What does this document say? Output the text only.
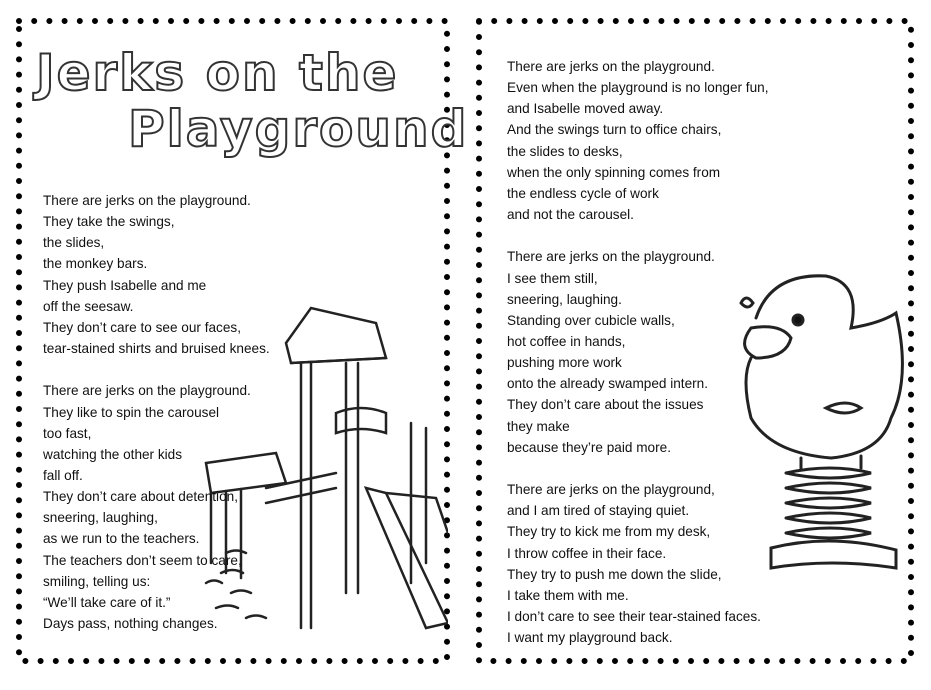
Jerks on the
Playground
There are jerks on the playground.
They take the swings,
the slides,
the monkey bars.
They push Isabelle and me
off the seesaw.
They don’t care to see our faces,
tear-stained shirts and bruised knees.
There are jerks on the playground.
They like to spin the carousel
too fast,
watching the other kids
fall off.
They don’t care about detention,
sneering, laughing,
as we run to the teachers.
The teachers don’t seem to care,
smiling, telling us:
“We’ll take care of it.”
Days pass, nothing changes.
There are jerks on the playground.
Even when the playground is no longer fun,
and Isabelle moved away.
And the swings turn to office chairs,
the slides to desks,
when the only spinning comes from
the endless cycle of work
and not the carousel.
There are jerks on the playground.
I see them still,
sneering, laughing.
Standing over cubicle walls,
hot coffee in hands,
pushing more work
onto the already swamped intern.
They don’t care about the issues
they make
because they’re paid more.
There are jerks on the playground,
and I am tired of staying quiet.
They try to kick me from my desk,
I throw coffee in their face.
They try to push me down the slide,
I take them with me.
I don’t care to see their tear-stained faces.
I want my playground back.
